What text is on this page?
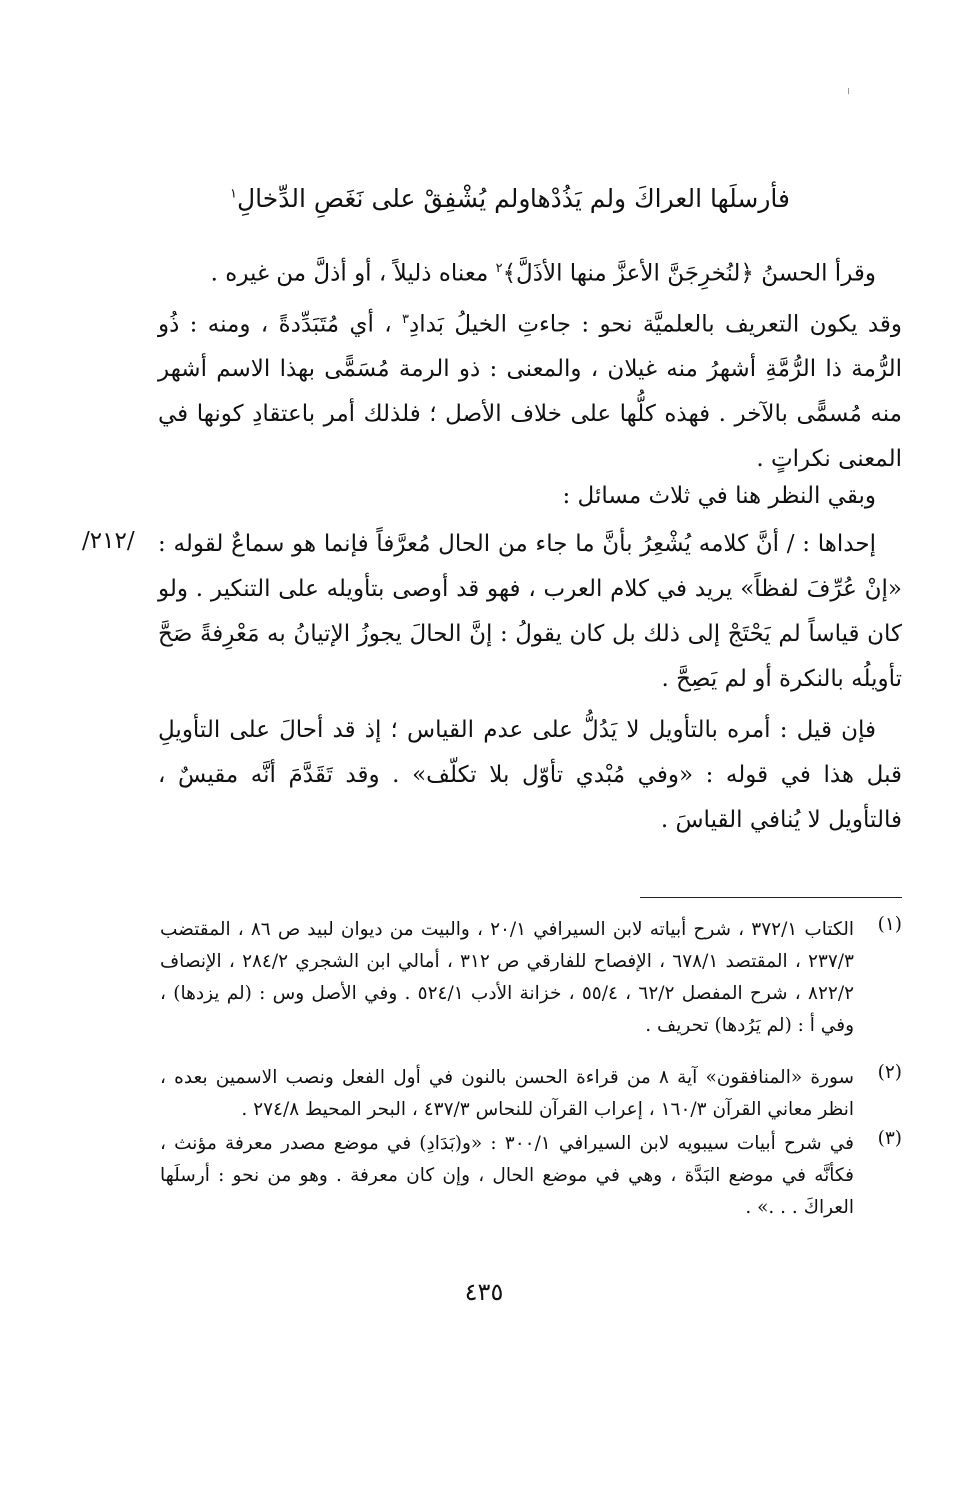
فأرسلَها العراكَ ولم يَذُدْها
ولم يُشْفِقْ على نَغَصِ الدِّخالِ$^١$

وقرأ الحسنُ ﴿لنُخرِجَنَّ الأعزَّ منها الأذَلَّ﴾$^٢$ معناه ذليلاً ، أو أذلَّ من غيره .

وقد يكون التعريف بالعلميَّة نحو : جاءتِ الخيلُ بَدادِ$^٣$ ، أي مُتَبَدِّدةً ، ومنه : ذُو الرُّمة ذا الرُّمَّةِ أشهرُ منه غيلان ، والمعنى : ذو الرمة مُسَمًّى بهذا الاسم أشهر منه مُسمًّى بالآخر . فهذه كلُّها على خلاف الأصل ؛ فلذلك أمر باعتقادِ كونها في المعنى نكراتٍ .

وبقي النظر هنا في ثلاث مسائل :

إحداها : / أنَّ كلامه يُشْعِرُ بأنَّ ما جاء من الحال مُعرَّفاً فإنما هو سماعٌ لقوله : «إنْ عُرِّفَ لفظاً» يريد في كلام العرب ، فهو قد أوصى بتأويله على التنكير . ولو كان قياساً لم يَحْتَجْ إلى ذلك بل كان يقولُ : إنَّ الحالَ يجوزُ الإتيانُ به مَعْرِفةً صَحَّ تأويلُه بالنكرة أو لم يَصِحَّ .

/٢١٢/

فإن قيل : أمره بالتأويل لا يَدُلُّ على عدم القياس ؛ إذ قد أحالَ على التأويلِ قبل هذا في قوله : «وفي مُبْدي تأوّل بلا تكلّف» . وقد تَقَدَّمَ أنَّه مقيسٌ ، فالتأويل لا يُنافي القياسَ .

(١)
الكتاب ٣٧٢/١ ، شرح أبياته لابن السيرافي ٢٠/١ ، والبيت من ديوان لبيد ص ٨٦ ، المقتضب ٢٣٧/٣ ، المقتصد ٦٧٨/١ ، الإفصاح للفارقي ص ٣١٢ ، أمالي ابن الشجري ٢٨٤/٢ ، الإنصاف ٨٢٢/٢ ، شرح المفصل ٦٢/٢ ، ٥٥/٤ ، خزانة الأدب ٥٢٤/١ . وفي الأصل وس : (لم يزدها) ، وفي أ : (لم يَرُدها) تحريف .
(٢)
سورة «المنافقون» آية ٨ من قراءة الحسن بالنون في أول الفعل ونصب الاسمين بعده ، انظر معاني القرآن ١٦٠/٣ ، إعراب القرآن للنحاس ٤٣٧/٣ ، البحر المحيط ٢٧٤/٨ .
(٣)
في شرح أبيات سيبويه لابن السيرافي ٣٠٠/١ : «و(بَدَادِ) في موضع مصدر معرفة مؤنث ، فكأنَّه في موضع البَدَّة ، وهي في موضع الحال ، وإن كان معرفة . وهو من نحو : أرسلَها العراكَ . . .» .
٤٣٥
